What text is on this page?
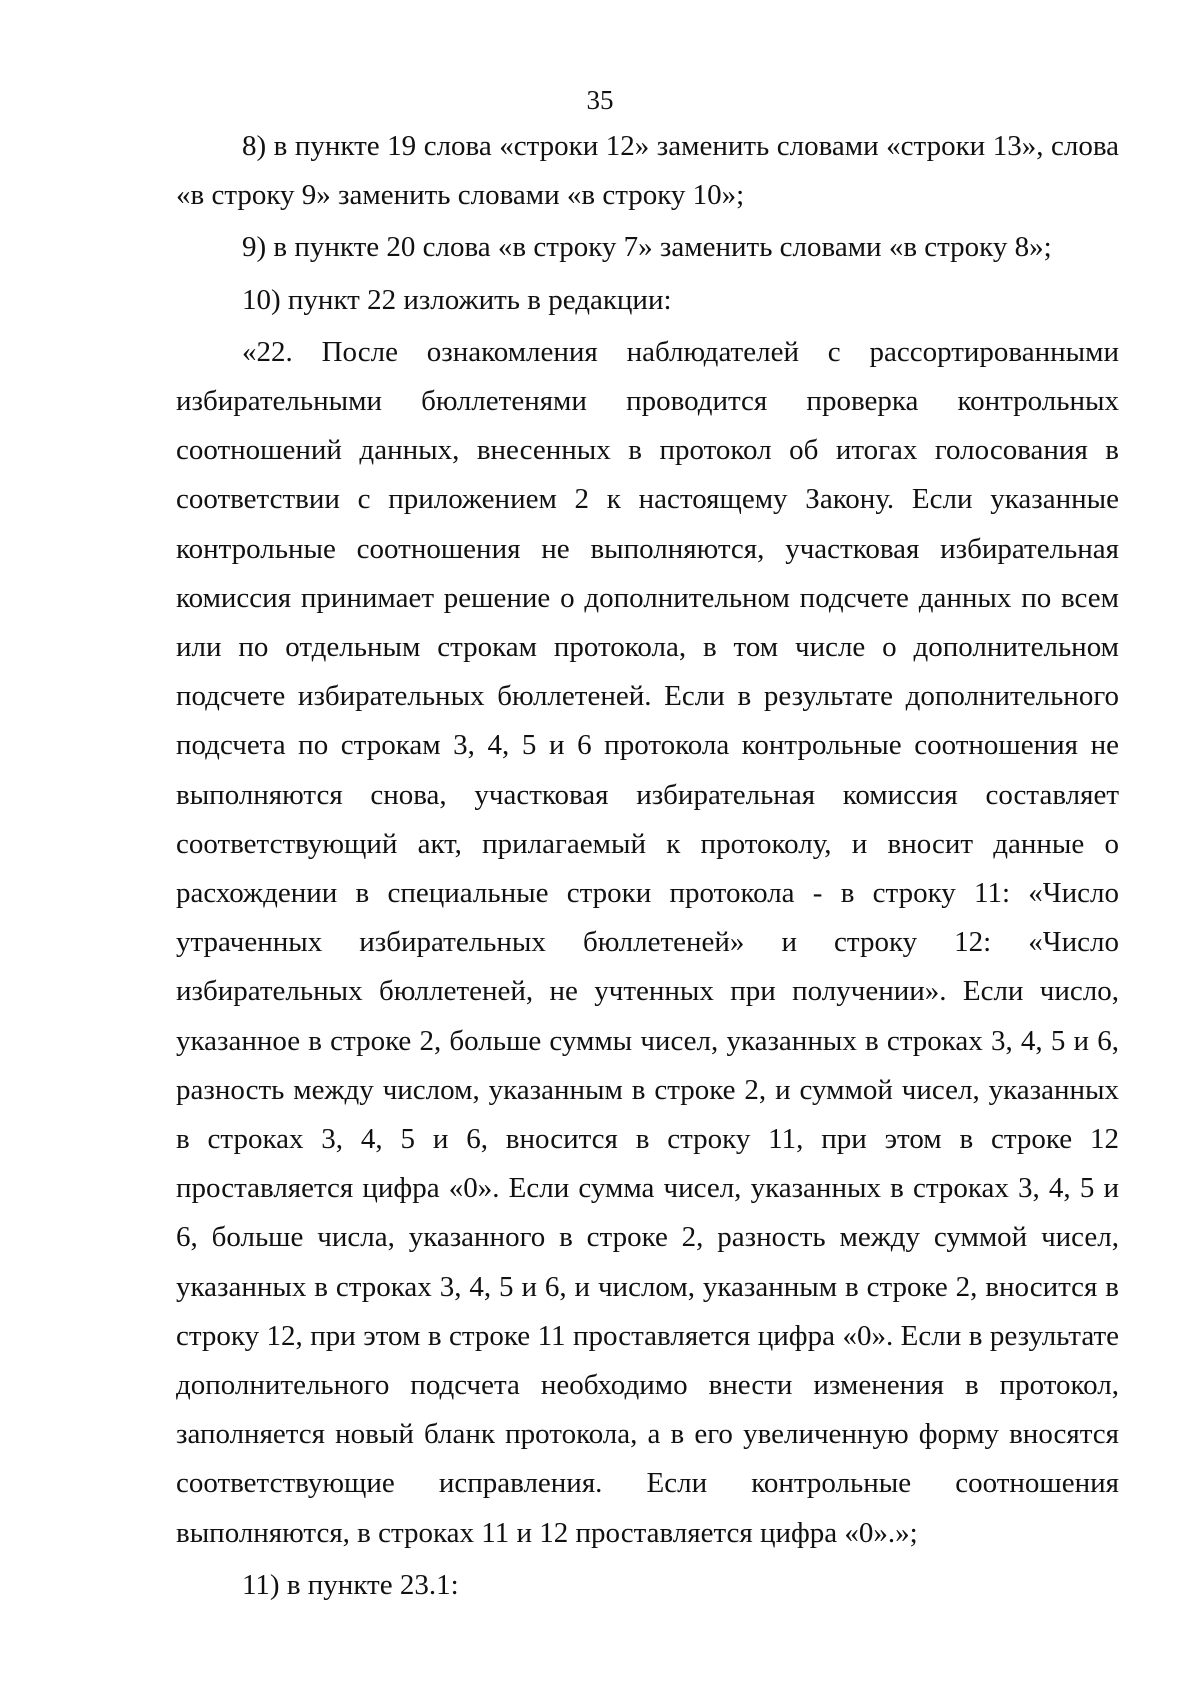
35

8) в пункте 19 слова «строки 12» заменить словами «строки 13», слова «в строку 9» заменить словами «в строку 10»;

9) в пункте 20 слова «в строку 7» заменить словами «в строку 8»;

10) пункт 22 изложить в редакции:

«22. После ознакомления наблюдателей с рассортированными избирательными бюллетенями проводится проверка контрольных соотношений данных, внесенных в протокол об итогах голосования в соответствии с приложением 2 к настоящему Закону. Если указанные контрольные соотношения не выполняются, участковая избирательная комиссия принимает решение о дополнительном подсчете данных по всем или по отдельным строкам протокола, в том числе о дополнительном подсчете избирательных бюллетеней. Если в результате дополнительного подсчета по строкам 3, 4, 5 и 6 протокола контрольные соотношения не выполняются снова, участковая избирательная комиссия составляет соответствующий акт, прилагаемый к протоколу, и вносит данные о расхождении в специальные строки протокола - в строку 11: «Число утраченных избирательных бюллетеней» и строку 12: «Число избирательных бюллетеней, не учтенных при получении». Если число, указанное в строке 2, больше суммы чисел, указанных в строках 3, 4, 5 и 6, разность между числом, указанным в строке 2, и суммой чисел, указанных в строках 3, 4, 5 и 6, вносится в строку 11, при этом в строке 12 проставляется цифра «0». Если сумма чисел, указанных в строках 3, 4, 5 и 6, больше числа, указанного в строке 2, разность между суммой чисел, указанных в строках 3, 4, 5 и 6, и числом, указанным в строке 2, вносится в строку 12, при этом в строке 11 проставляется цифра «0». Если в результате дополнительного подсчета необходимо внести изменения в протокол, заполняется новый бланк протокола, а в его увеличенную форму вносятся соответствующие исправления. Если контрольные соотношения выполняются, в строках 11 и 12 проставляется цифра «0».»;

11) в пункте 23.1:
